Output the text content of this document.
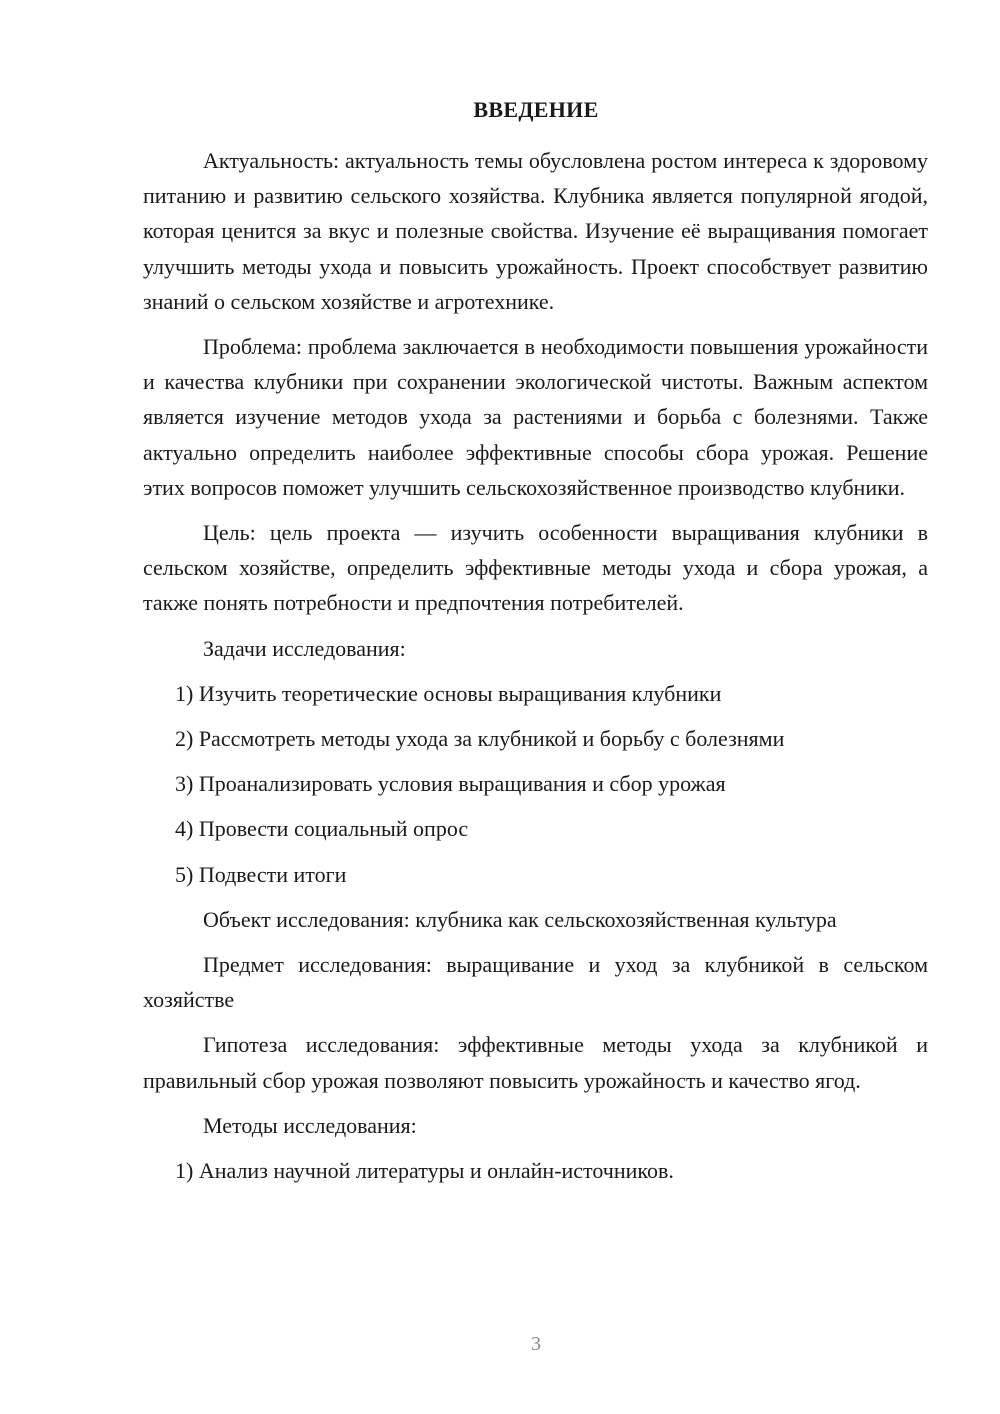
ВВЕДЕНИЕ

Актуальность: актуальность темы обусловлена ростом интереса к здоровому питанию и развитию сельского хозяйства. Клубника является популярной ягодой, которая ценится за вкус и полезные свойства. Изучение её выращивания помогает улучшить методы ухода и повысить урожайность. Проект способствует развитию знаний о сельском хозяйстве и агротехнике.

Проблема: проблема заключается в необходимости повышения урожайности и качества клубники при сохранении экологической чистоты. Важным аспектом является изучение методов ухода за растениями и борьба с болезнями. Также актуально определить наиболее эффективные способы сбора урожая. Решение этих вопросов поможет улучшить сельскохозяйственное производство клубники.

Цель: цель проекта — изучить особенности выращивания клубники в сельском хозяйстве, определить эффективные методы ухода и сбора урожая, а также понять потребности и предпочтения потребителей.

Задачи исследования:

1) Изучить теоретические основы выращивания клубники

2) Рассмотреть методы ухода за клубникой и борьбу с болезнями

3) Проанализировать условия выращивания и сбор урожая

4) Провести социальный опрос

5) Подвести итоги

Объект исследования: клубника как сельскохозяйственная культура

Предмет исследования: выращивание и уход за клубникой в сельском хозяйстве

Гипотеза исследования: эффективные методы ухода за клубникой и правильный сбор урожая позволяют повысить урожайность и качество ягод.

Методы исследования:

1) Анализ научной литературы и онлайн-источников.

3
